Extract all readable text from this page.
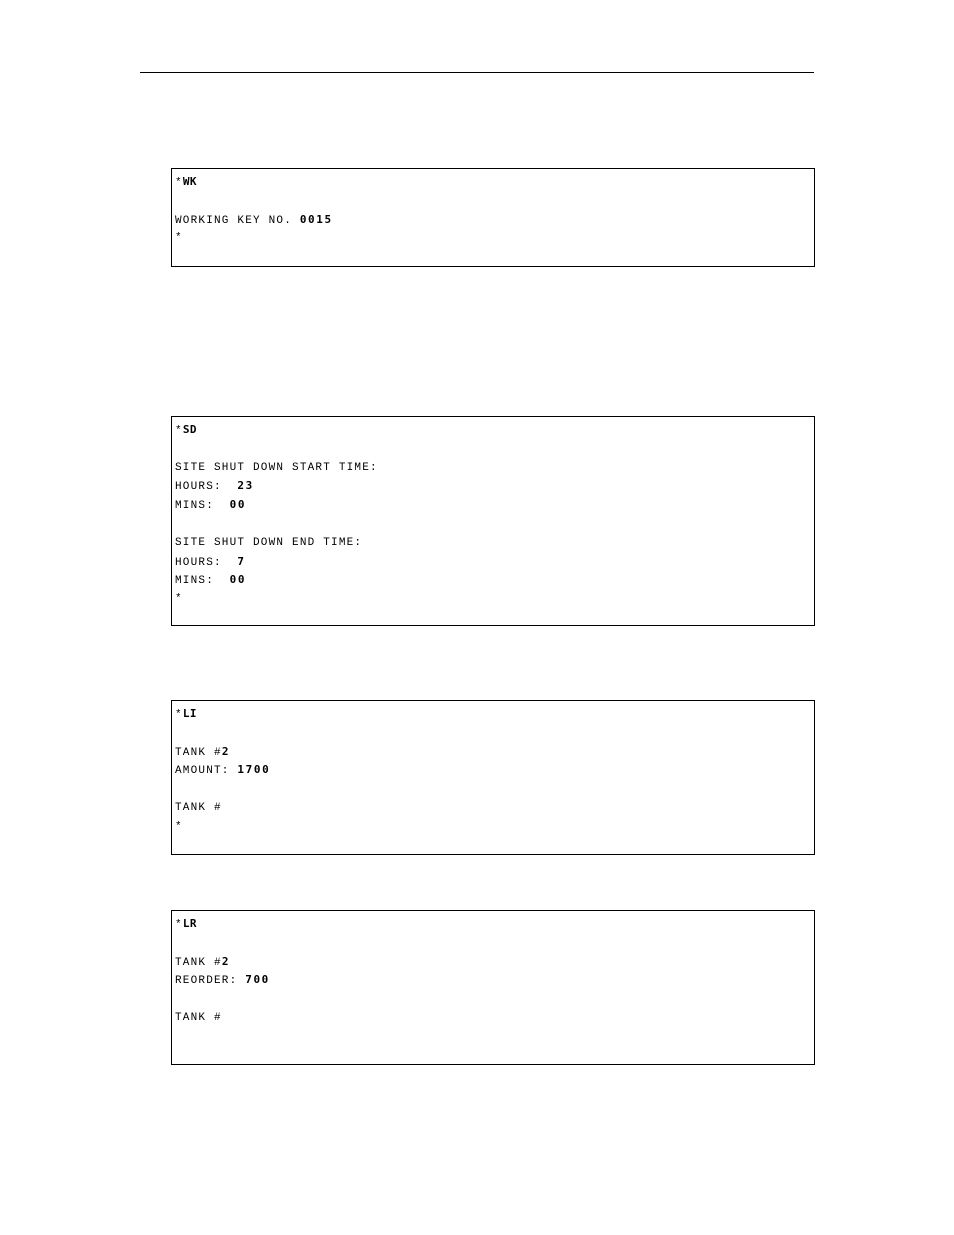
*WK
WORKING KEY NO. 0015
*
*SD
SITE SHUT DOWN START TIME:
HOURS:  23
MINS:  00
SITE SHUT DOWN END TIME:
HOURS:  7
MINS:  00
*
*LI
TANK #2
AMOUNT: 1700
TANK #
*
*LR
TANK #2
REORDER: 700
TANK #
